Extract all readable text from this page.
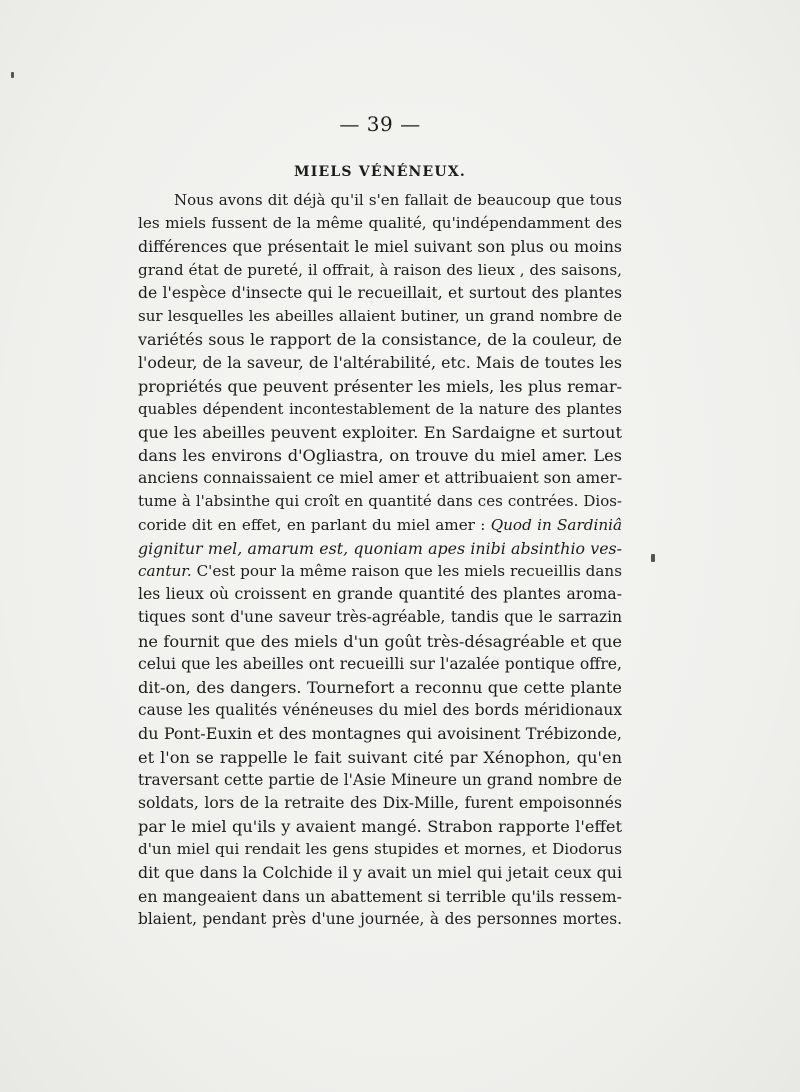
— 39 —
MIELS VÉNÉNEUX.
Nous avons dit déjà qu'il s'en fallait de beaucoup que tous
les miels fussent de la même qualité, qu'indépendamment des
différences que présentait le miel suivant son plus ou moins
grand état de pureté, il offrait, à raison des lieux , des saisons,
de l'espèce d'insecte qui le recueillait, et surtout des plantes
sur lesquelles les abeilles allaient butiner, un grand nombre de
variétés sous le rapport de la consistance, de la couleur, de
l'odeur, de la saveur, de l'altérabilité, etc. Mais de toutes les
propriétés que peuvent présenter les miels, les plus remar-
quables dépendent incontestablement de la nature des plantes
que les abeilles peuvent exploiter. En Sardaigne et surtout
dans les environs d'Ogliastra, on trouve du miel amer. Les
anciens connaissaient ce miel amer et attribuaient son amer-
tume à l'absinthe qui croît en quantité dans ces contrées. Dios-
coride dit en effet, en parlant du miel amer : Quod in Sardiniâ
gignitur mel, amarum est, quoniam apes inibi absinthio ves-
cantur. C'est pour la même raison que les miels recueillis dans
les lieux où croissent en grande quantité des plantes aroma-
tiques sont d'une saveur très-agréable, tandis que le sarrazin
ne fournit que des miels d'un goût très-désagréable et que
celui que les abeilles ont recueilli sur l'azalée pontique offre,
dit-on, des dangers. Tournefort a reconnu que cette plante
cause les qualités vénéneuses du miel des bords méridionaux
du Pont-Euxin et des montagnes qui avoisinent Trébizonde,
et l'on se rappelle le fait suivant cité par Xénophon, qu'en
traversant cette partie de l'Asie Mineure un grand nombre de
soldats, lors de la retraite des Dix-Mille, furent empoisonnés
par le miel qu'ils y avaient mangé. Strabon rapporte l'effet
d'un miel qui rendait les gens stupides et mornes, et Diodorus
dit que dans la Colchide il y avait un miel qui jetait ceux qui
en mangeaient dans un abattement si terrible qu'ils ressem-
blaient, pendant près d'une journée, à des personnes mortes.
